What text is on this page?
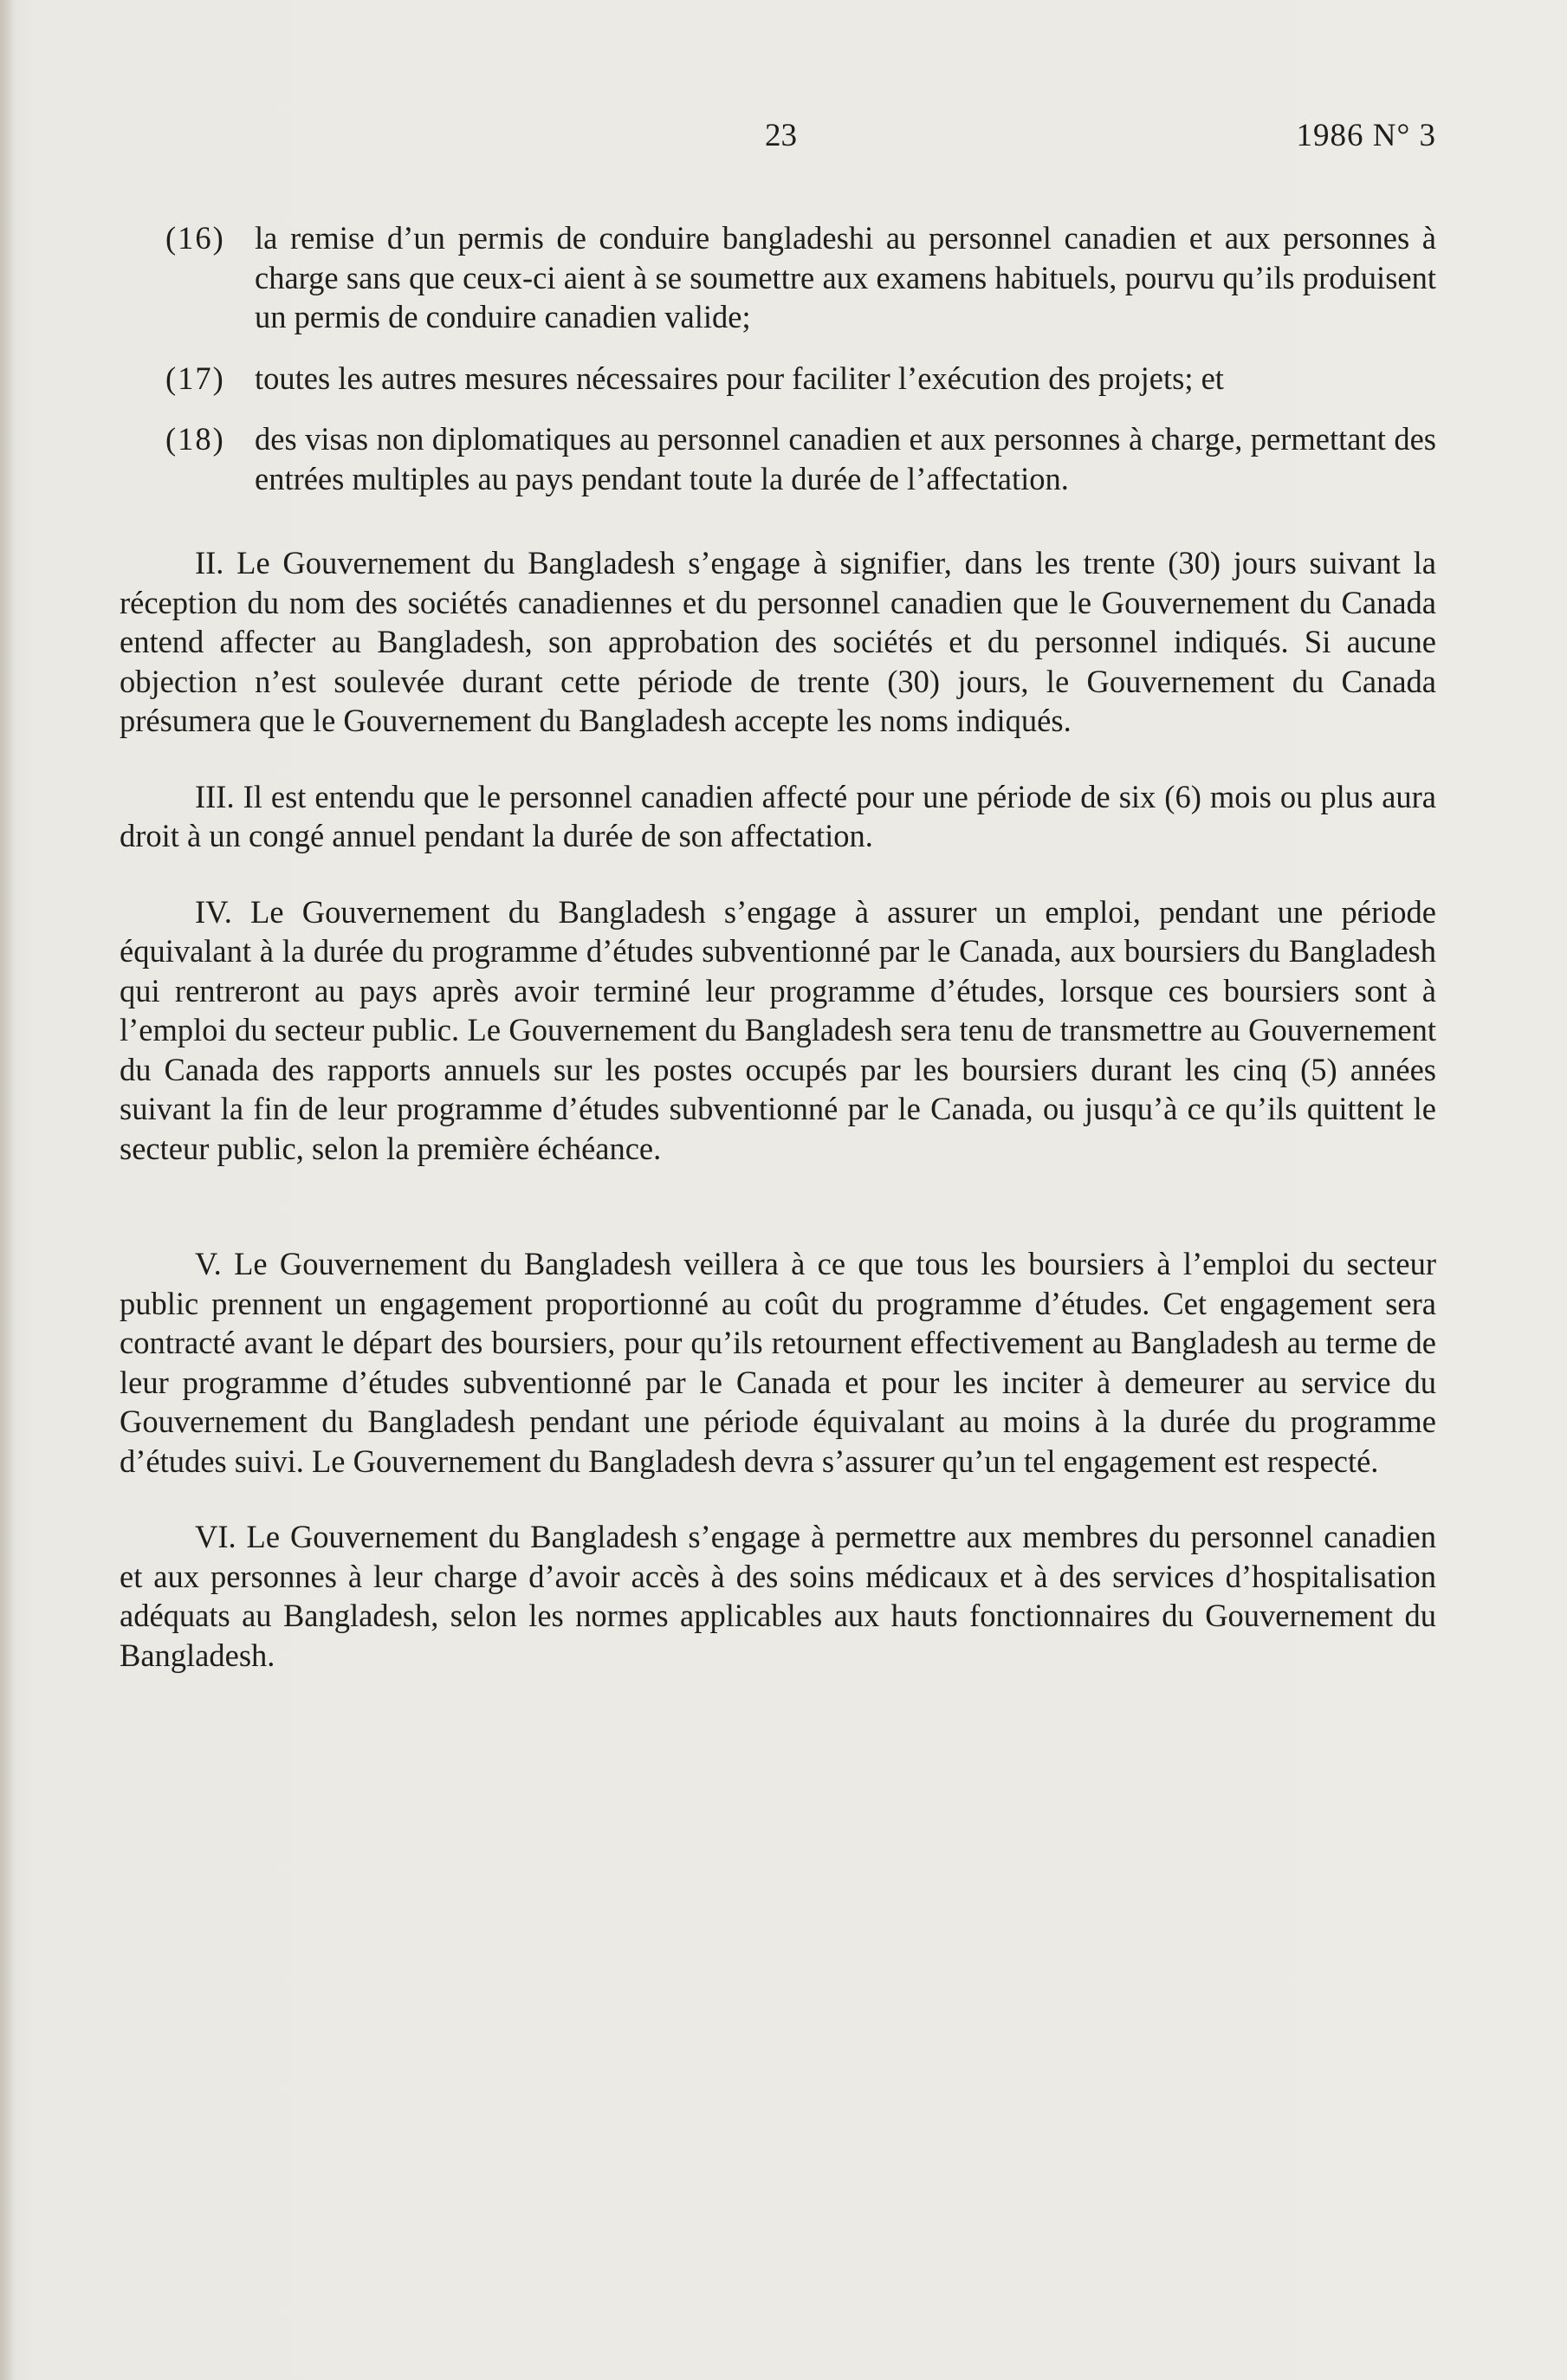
23	1986 N° 3
(16) la remise d’un permis de conduire bangladeshi au personnel canadien et aux personnes à charge sans que ceux-ci aient à se soumettre aux examens habituels, pourvu qu’ils produisent un permis de conduire canadien valide;
(17) toutes les autres mesures nécessaires pour faciliter l’exécution des projets; et
(18) des visas non diplomatiques au personnel canadien et aux personnes à charge, permettant des entrées multiples au pays pendant toute la durée de l’affectation.

II. Le Gouvernement du Bangladesh s’engage à signifier, dans les trente (30) jours suivant la réception du nom des sociétés canadiennes et du personnel canadien que le Gouvernement du Canada entend affecter au Bangladesh, son approbation des sociétés et du personnel indiqués. Si aucune objection n’est soulevée durant cette période de trente (30) jours, le Gouvernement du Canada présumera que le Gouvernement du Bangladesh accepte les noms indiqués.

III. Il est entendu que le personnel canadien affecté pour une période de six (6) mois ou plus aura droit à un congé annuel pendant la durée de son affectation.

IV. Le Gouvernement du Bangladesh s’engage à assurer un emploi, pendant une période équivalant à la durée du programme d’études subventionné par le Canada, aux boursiers du Bangladesh qui rentreront au pays après avoir terminé leur programme d’études, lorsque ces boursiers sont à l’emploi du secteur public. Le Gouvernement du Bangladesh sera tenu de transmettre au Gouvernement du Canada des rapports annuels sur les postes occupés par les boursiers durant les cinq (5) années suivant la fin de leur programme d’études subventionné par le Canada, ou jusqu’à ce qu’ils quittent le secteur public, selon la première échéance.

V. Le Gouvernement du Bangladesh veillera à ce que tous les boursiers à l’emploi du secteur public prennent un engagement proportionné au coût du programme d’études. Cet engagement sera contracté avant le départ des boursiers, pour qu’ils retournent effectivement au Bangladesh au terme de leur programme d’études subventionné par le Canada et pour les inciter à demeurer au service du Gouvernement du Bangladesh pendant une période équivalant au moins à la durée du programme d’études suivi. Le Gouvernement du Bangladesh devra s’assurer qu’un tel engagement est respecté.

VI. Le Gouvernement du Bangladesh s’engage à permettre aux membres du personnel canadien et aux personnes à leur charge d’avoir accès à des soins médicaux et à des services d’hospitalisation adéquats au Bangladesh, selon les normes applicables aux hauts fonctionnaires du Gouvernement du Bangladesh.
